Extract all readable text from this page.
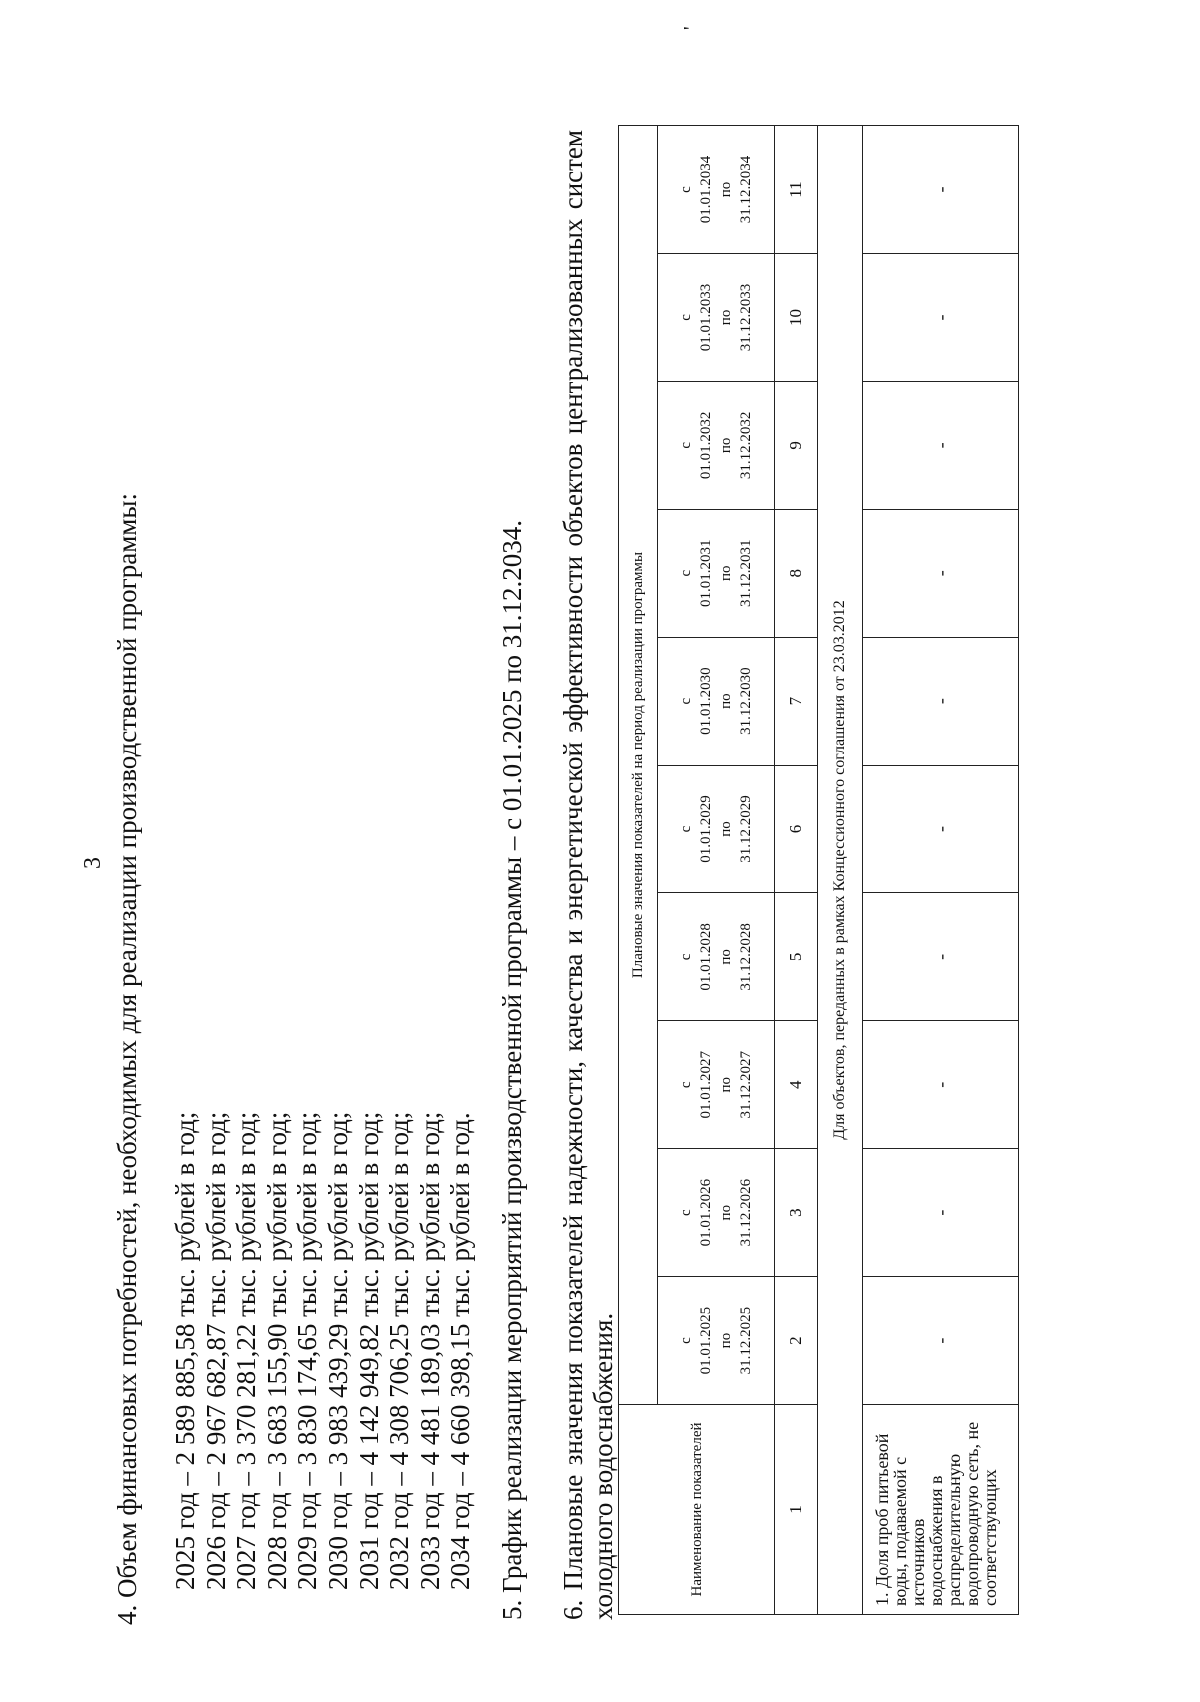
3
'
4. Объем финансовых потребностей, необходимых для реализации производственной программы: 2025 год – 2 589 885,58 тыс. рублей в год; 2026 год – 2 967 682,87 тыс. рублей в год; 2027 год – 3 370 281,22 тыс. рублей в год; 2028 год – 3 683 155,90 тыс. рублей в год; 2029 год – 3 830 174,65 тыс. рублей в год; 2030 год – 3 983 439,29 тыс. рублей в год; 2031 год – 4 142 949,82 тыс. рублей в год; 2032 год – 4 308 706,25 тыс. рублей в год; 2033 год – 4 481 189,03 тыс. рублей в год; 2034 год – 4 660 398,15 тыс. рублей в год. 5. График реализации мероприятий производственной программы – с 01.01.2025 по 31.12.2034. 6. Плановые значения показателей надежности, качества и энергетической эффективности объектов централизованных систем холодного водоснабжения.	Наименование показателей	Плановые значения показателей на период реализации программы									

	с 01.01.2025 по 31.12.2025	с 01.01.2026 по 31.12.2026	с 01.01.2027 по 31.12.2027	с 01.01.2028 по 31.12.2028	с 01.01.2029 по 31.12.2029	с 01.01.2030 по 31.12.2030	с 01.01.2031 по 31.12.2031	с 01.01.2032 по 31.12.2032	с 01.01.2033 по 31.12.2033	с 01.01.2034 по 31.12.2034

1	2	3	4	5	6	7	8	9	10	11
Для объектов, переданных в рамках Концессионного соглашения от 23.03.2012										
1. Доля проб питьевой воды, подаваемой с источников водоснабжения в распределительную водопроводную сеть, не соответствующих	-	-	-	-	-	-	-	-	-	-
